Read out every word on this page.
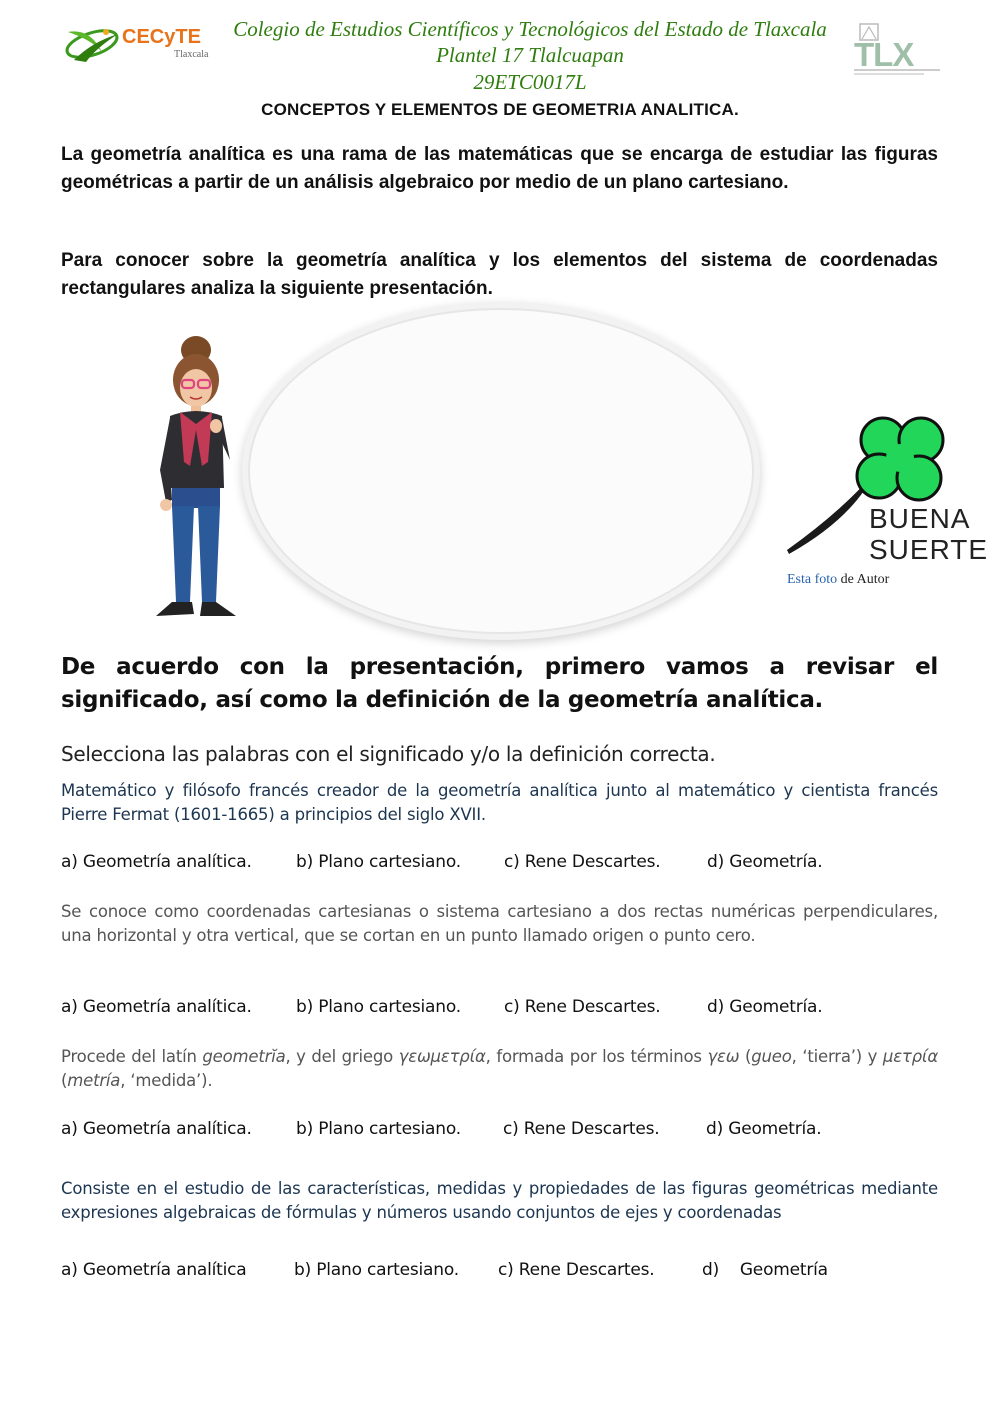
CECyTE
Tlaxcala
Colegio de Estudios Científicos y Tecnológicos del Estado de Tlaxcala
Plantel 17 Tlalcuapan
29ETC0017L
TLX
CONCEPTOS Y ELEMENTOS DE GEOMETRIA ANALITICA.
La geometría analítica es una rama de las matemáticas que se encarga de estudiar las figuras geométricas a partir de un análisis algebraico por medio de un plano cartesiano.
Para conocer sobre la geometría analítica y los elementos del sistema de coordenadas rectangulares analiza la siguiente presentación.
BUENA
SUERTE
Esta foto de Autor
De acuerdo con la presentación, primero vamos a revisar el significado, así como la definición de la geometría analítica.
Selecciona las palabras con el significado y/o la definición correcta.
Matemático y filósofo francés creador de la geometría analítica junto al matemático y cientista francés Pierre Fermat (1601-1665) a principios del siglo XVII.
a) Geometría analítica.	b) Plano cartesiano.	c) Rene Descartes.	d) Geometría.
Se conoce como coordenadas cartesianas o sistema cartesiano a dos rectas numéricas perpendiculares, una horizontal y otra vertical, que se cortan en un punto llamado origen o punto cero.
a) Geometría analítica.	b) Plano cartesiano.	c) Rene Descartes.	d) Geometría.
Procede del latín geometrĭa, y del griego γεωμετρία, formada por los términos γεω (gueo, ‘tierra’) y μετρία (metría, ‘medida’).
a) Geometría analítica.	b) Plano cartesiano. c) Rene Descartes.	d) Geometría.
Consiste en el estudio de las características, medidas y propiedades de las figuras geométricas mediante expresiones algebraicas de fórmulas y números usando conjuntos de ejes y coordenadas
a) Geometría analítica	b) Plano cartesiano. c) Rene Descartes.	d)    Geometría
